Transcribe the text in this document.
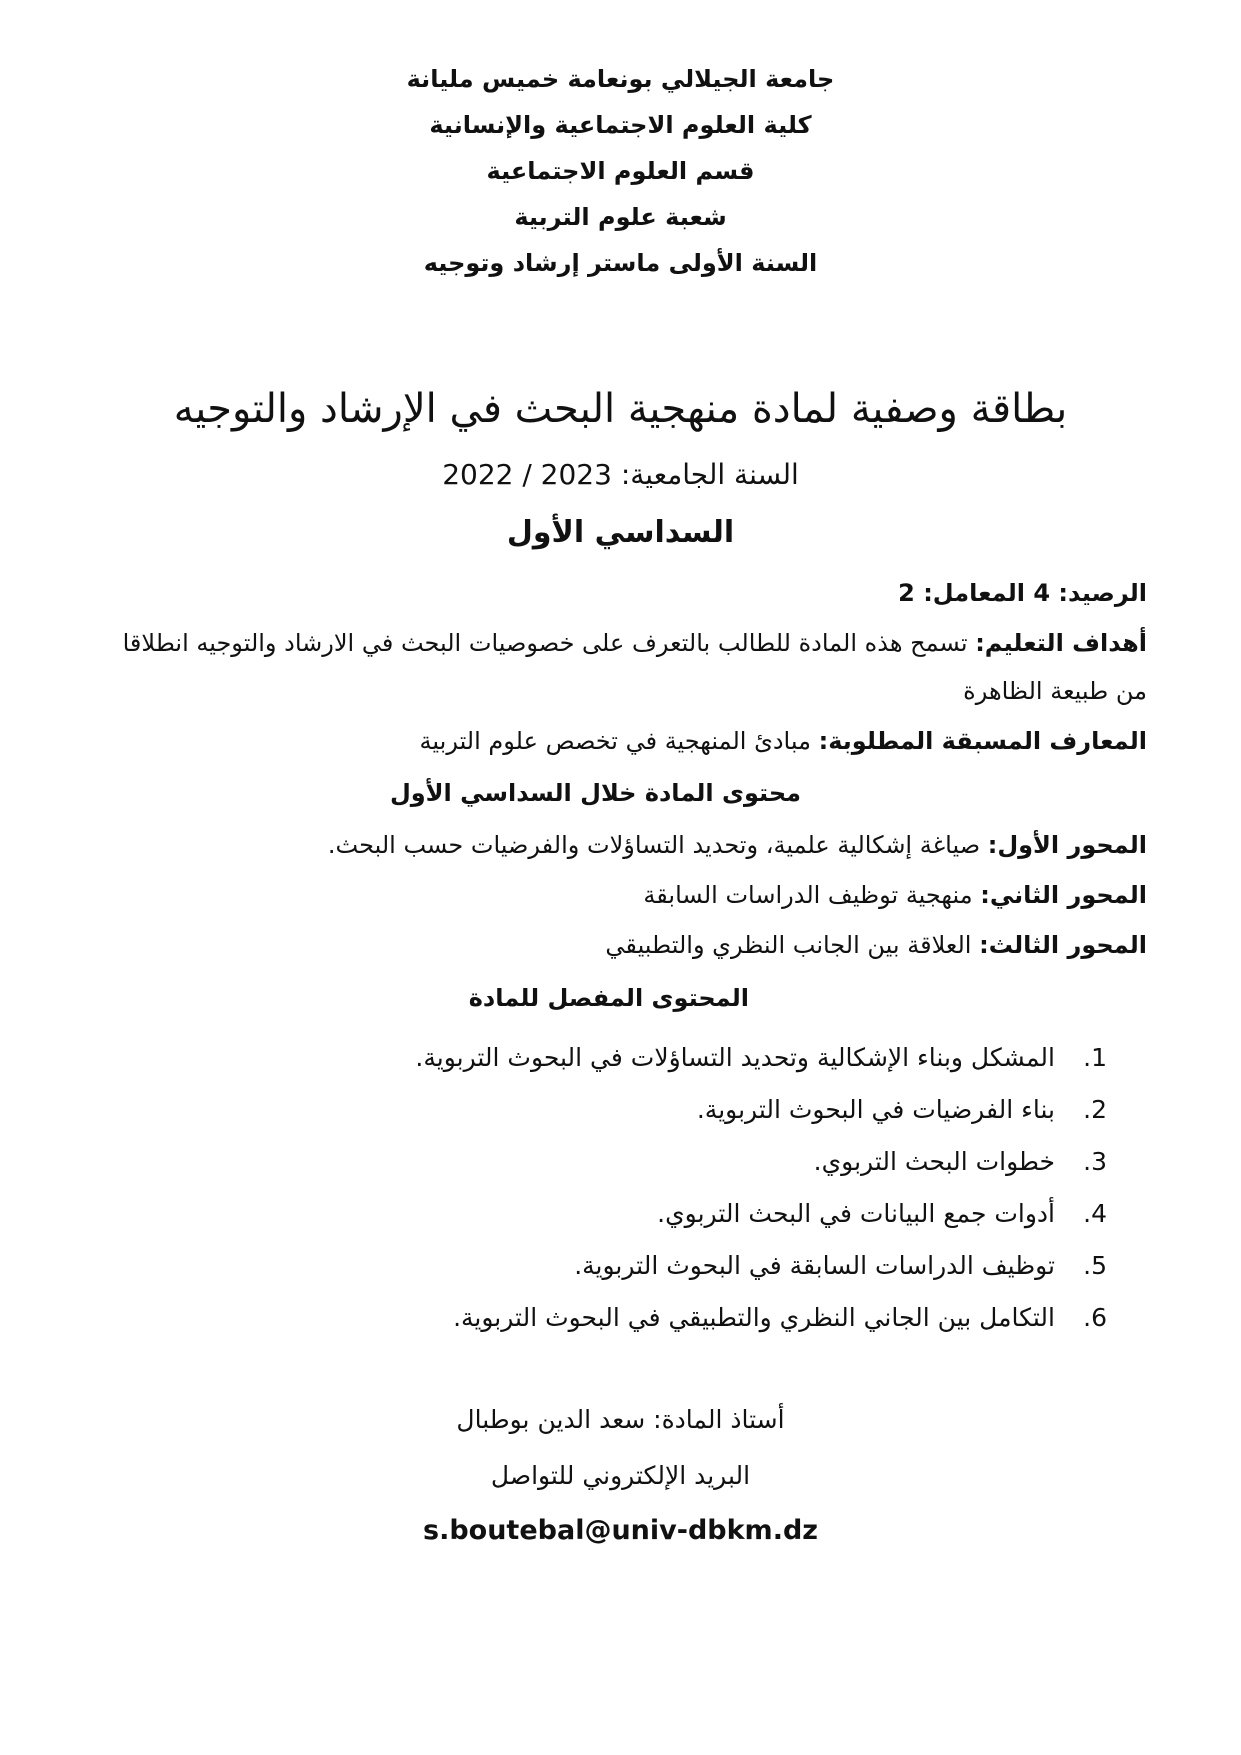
جامعة الجيلالي بونعامة خميس مليانة
كلية العلوم الاجتماعية والإنسانية
قسم العلوم الاجتماعية
شعبة علوم التربية
السنة الأولى ماستر إرشاد وتوجيه
بطاقة وصفية لمادة منهجية البحث في الإرشاد والتوجيه
السنة الجامعية: 2022 / 2023
السداسي الأول
الرصيد: 4 المعامل: 2
أهداف التعليم: تسمح هذه المادة للطالب بالتعرف على خصوصيات البحث في الارشاد والتوجيه انطلاقا
من طبيعة الظاهرة
المعارف المسبقة المطلوبة: مبادئ المنهجية في تخصص علوم التربية
محتوى المادة خلال السداسي الأول
المحور الأول: صياغة إشكالية علمية، وتحديد التساؤلات والفرضيات حسب البحث.
المحور الثاني: منهجية توظيف الدراسات السابقة
المحور الثالث: العلاقة بين الجانب النظري والتطبيقي
المحتوى المفصل للمادة
1.
المشكل وبناء الإشكالية وتحديد التساؤلات في البحوث التربوية.
2.
بناء الفرضيات في البحوث التربوية.
3.
خطوات البحث التربوي.
4.
أدوات جمع البيانات في البحث التربوي.
5.
توظيف الدراسات السابقة في البحوث التربوية.
6.
التكامل بين الجاني النظري والتطبيقي في البحوث التربوية.
أستاذ المادة: سعد الدين بوطبال
البريد الإلكتروني للتواصل
s.boutebal@univ-dbkm.dz
